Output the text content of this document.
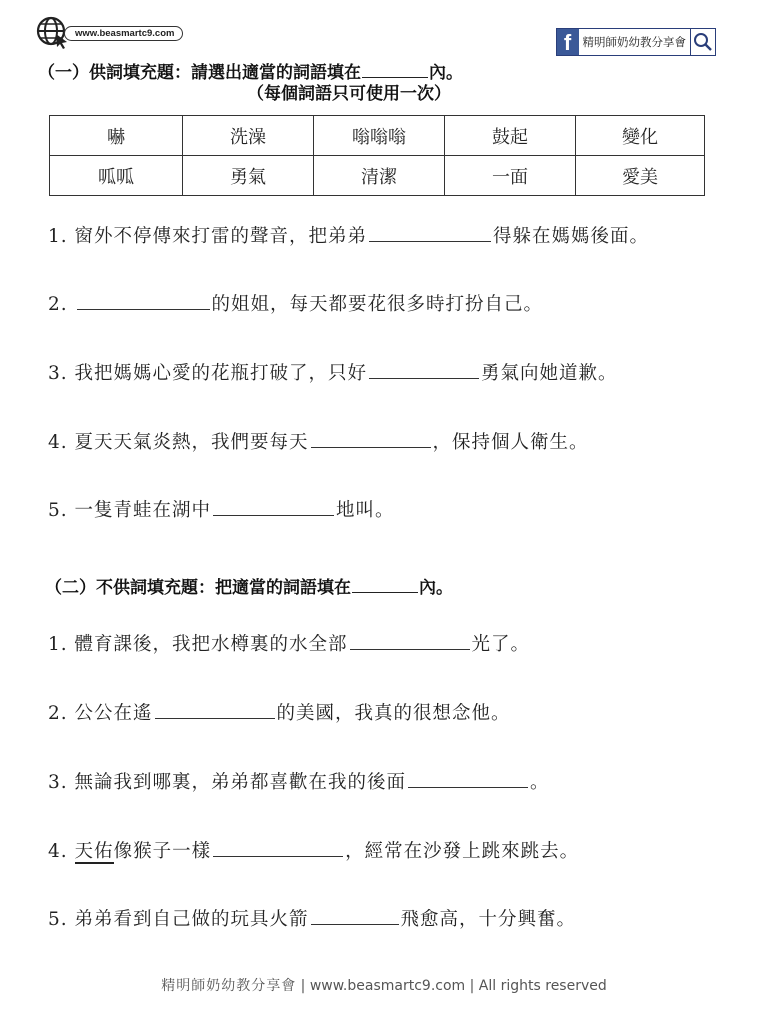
www.beasmartc9.com	f 精明師奶幼教分享會
（一）供詞填充題：請選出適當的詞語填在	內。
（每個詞語只可使用一次）
嚇	洗澡	嗡嗡嗡	鼓起	變化
呱呱	勇氣	清潔	一面	愛美
1. 窗外不停傳來打雷的聲音，把弟弟	得躲在媽媽後面。
2.	的姐姐，每天都要花很多時打扮自己。
3. 我把媽媽心愛的花瓶打破了，只好	勇氣向她道歉。
4. 夏天天氣炎熱，我們要每天	，保持個人衛生。
5. 一隻青蛙在湖中	地叫。
（二）不供詞填充題：把適當的詞語填在	內。
1. 體育課後，我把水樽裏的水全部	光了。
2. 公公在遙	的美國，我真的很想念他。
3. 無論我到哪裏，弟弟都喜歡在我的後面	。
4. 天佑像猴子一樣	，經常在沙發上跳來跳去。
5. 弟弟看到自己做的玩具火箭	飛愈高，十分興奮。
精明師奶幼教分享會 | www.beasmartc9.com | All rights reserved
